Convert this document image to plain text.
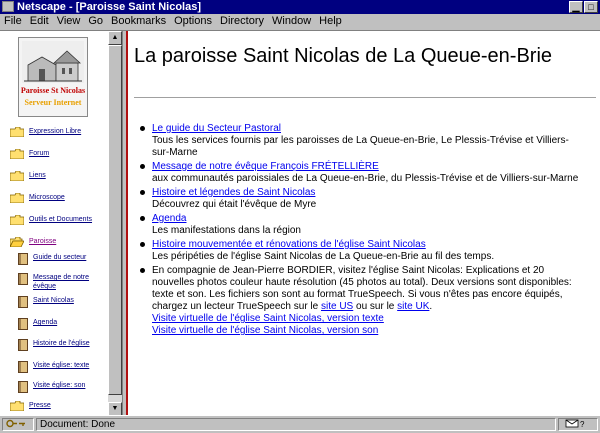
Netscape - [Paroisse Saint Nicolas]	▁ □
File Edit View Go Bookmarks Options Directory Window Help
Paroisse St Nicolas
Serveur Internet
Expression Libre
Forum
Liens
Microscope
Outils et Documents
Paroisse
Guide du secteur
Message de notre évêque
Saint Nicolas
Agenda
Histoire de l'église
Visite église: texte
Visite église: son
Presse
▲
▼
La paroisse Saint Nicolas de La Queue-en-Brie
Le guide du Secteur Pastoral
Tous les services fournis par les paroisses de La Queue-en-Brie, Le Plessis-Trévise et Villiers-sur-Marne
Message de notre évêque François FRÉTELLIÈRE
aux communautés paroissiales de La Queue-en-Brie, du Plessis-Trévise et de Villiers-sur-Marne
Histoire et légendes de Saint Nicolas
Découvrez qui était l'évêque de Myre
Agenda
Les manifestations dans la région
Histoire mouvementée et rénovations de l'église Saint Nicolas
Les péripéties de l'église Saint Nicolas de La Queue-en-Brie au fil des temps.
En compagnie de Jean-Pierre BORDIER, visitez l'église Saint Nicolas: Explications et 20 nouvelles photos couleur haute résolution (45 photos au total). Deux versions sont disponibles: texte et son. Les fichiers son sont au format TrueSpeech. Si vous n'êtes pas encore équipés, chargez un lecteur TrueSpeech sur le site US ou sur le site UK.
Visite virtuelle de l'église Saint Nicolas, version texte
Visite virtuelle de l'église Saint Nicolas, version son
Document: Done	?
